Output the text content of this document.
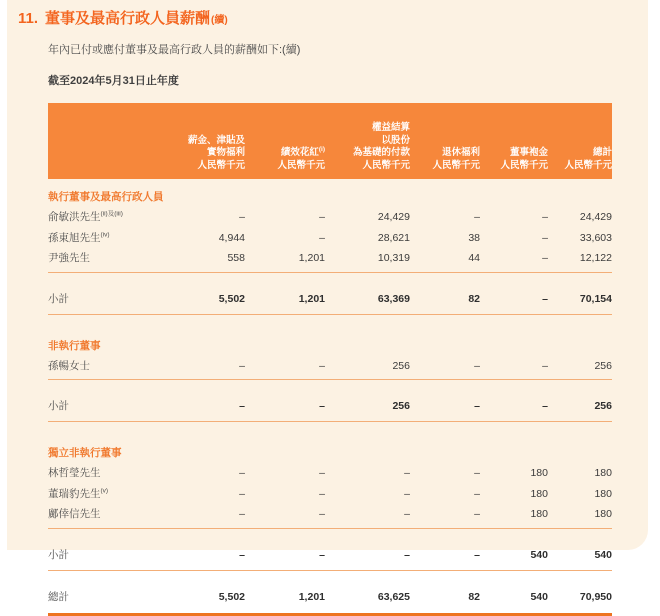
11. 董事及最高行政人員薪酬 (續)
年內已付或應付董事及最高行政人員的薪酬如下:(續)
截至2024年5月31日止年度
薪金、津貼及
實物福利
人民幣千元
績效花紅$^{(i)}$
人民幣千元
權益結算
以股份
為基礎的付款
人民幣千元
退休福利
人民幣千元
董事袍金
人民幣千元
總計
人民幣千元
執行董事及最高行政人員
俞敏洪先生$^{(ii)及(iii)}$	–	–	24,429	–	–	24,429
孫東旭先生$^{(iv)}$	4,944	–	28,621	38	–	33,603
尹強先生	558	1,201	10,319	44	–	12,122
小計	5,502	1,201	63,369	82	–	70,154
非執行董事
孫暢女士	–	–	256	–	–	256
小計	–	–	256	–	–	256
獨立非執行董事
林哲瑩先生	–	–	–	–	180	180
董瑞豹先生$^{(v)}$	–	–	–	–	180	180
鄺倖信先生	–	–	–	–	180	180
小計	–	–	–	–	540	540
總計	5,502	1,201	63,625	82	540	70,950
